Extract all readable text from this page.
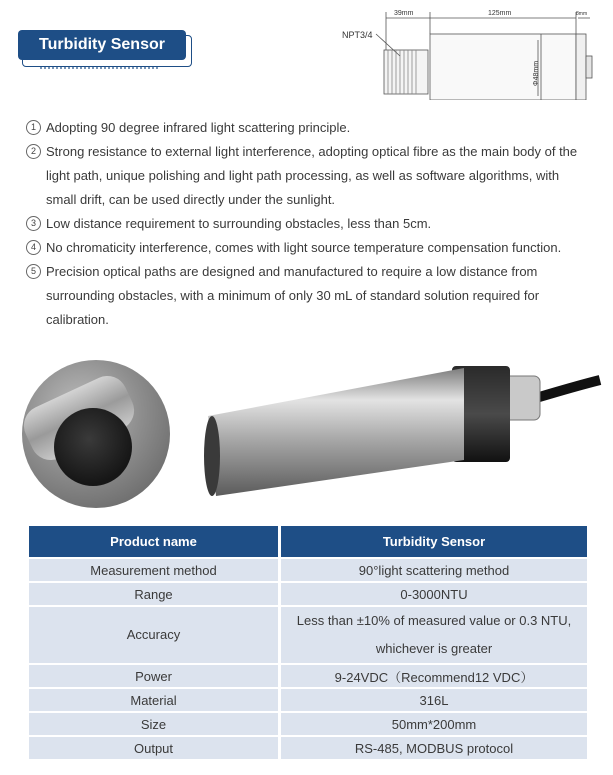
Turbidity Sensor
NPT3/4
39mm	125mm	8mm
Φ48mm
1 Adopting 90 degree infrared light scattering principle.
2 Strong resistance to external light interference, adopting optical fibre as the main body of the light path, unique polishing and light path processing, as well as software algorithms, with small drift, can be used directly under the sunlight.
3 Low distance requirement to surrounding obstacles, less than 5cm.
4 No chromaticity interference, comes with light source temperature compensation function.
5 Precision optical paths are designed and manufactured to require a low distance from surrounding obstacles, with a minimum of only 30 mL of standard solution required for calibration.
Product name	Turbidity Sensor
Measurement method	90°light scattering method
Range	0-3000NTU
Accuracy	Less than ±10% of measured value or 0.3 NTU, whichever is greater
Power	9-24VDC（Recommend12 VDC）
Material	316L
Size	50mm*200mm
Output	RS-485, MODBUS protocol
